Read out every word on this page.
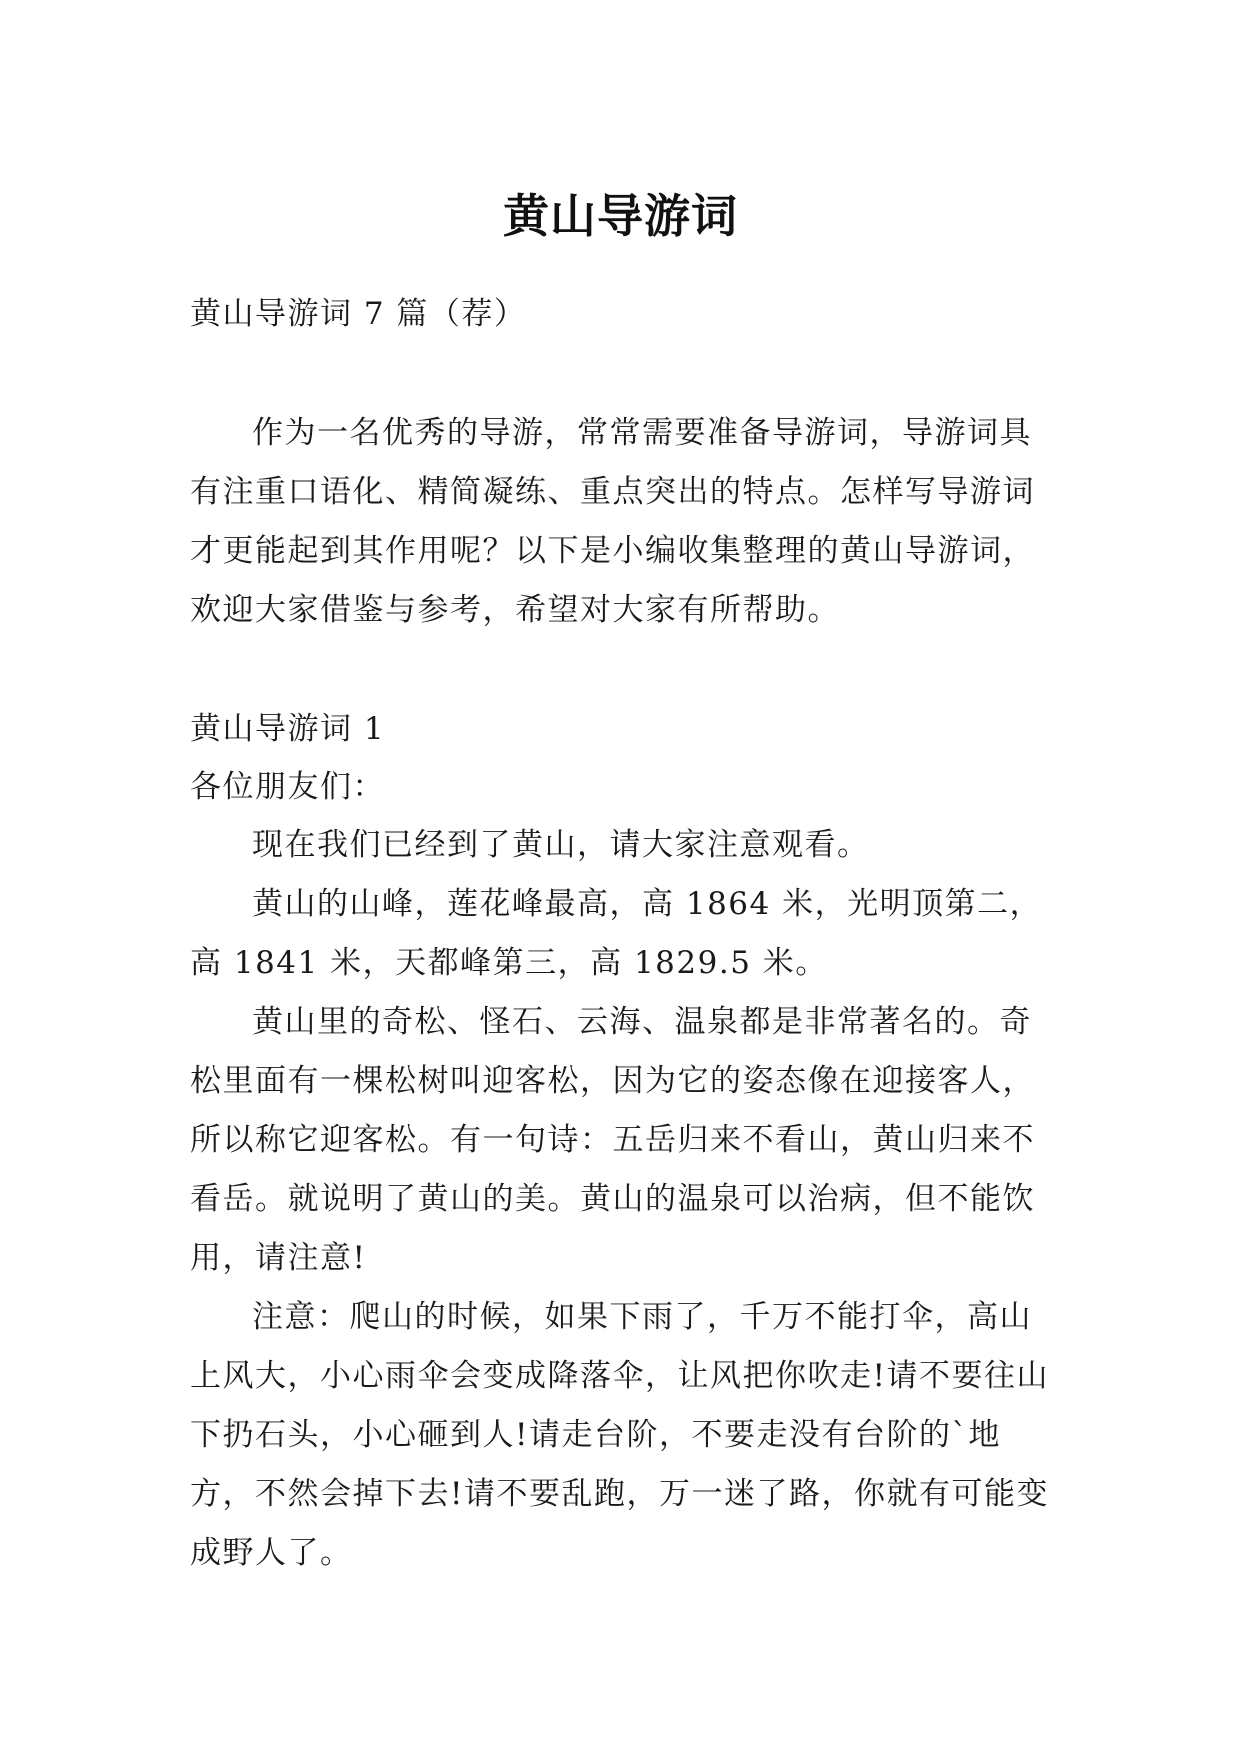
黄山导游词

黄山导游词 7 篇（荐）

作为一名优秀的导游，常常需要准备导游词，导游词具有注重口语化、精简凝练、重点突出的特点。怎样写导游词才更能起到其作用呢？以下是小编收集整理的黄山导游词，欢迎大家借鉴与参考，希望对大家有所帮助。

黄山导游词 1

各位朋友们：

现在我们已经到了黄山，请大家注意观看。

黄山的山峰，莲花峰最高，高 1864 米，光明顶第二，高 1841 米，天都峰第三，高 1829.5 米。

黄山里的奇松、怪石、云海、温泉都是非常著名的。奇松里面有一棵松树叫迎客松，因为它的姿态像在迎接客人，所以称它迎客松。有一句诗：五岳归来不看山，黄山归来不看岳。就说明了黄山的美。黄山的温泉可以治病，但不能饮用，请注意!

注意：爬山的时候，如果下雨了，千万不能打伞，高山上风大，小心雨伞会变成降落伞，让风把你吹走!请不要往山下扔石头，小心砸到人!请走台阶，不要走没有台阶的`地方，不然会掉下去!请不要乱跑，万一迷了路，你就有可能变成野人了。
